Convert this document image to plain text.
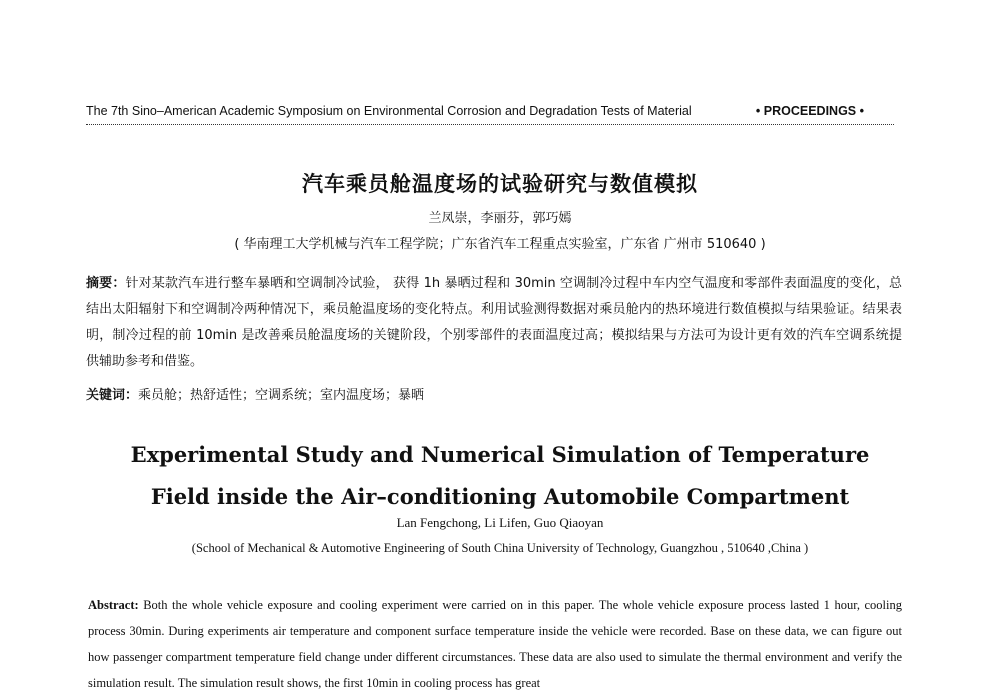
The 7th Sino–American Academic Symposium on Environmental Corrosion and Degradation Tests of Material	• PROCEEDINGS •
汽车乘员舱温度场的试验研究与数值模拟
兰凤崇，李丽芬，郭巧嫣
( 华南理工大学机械与汽车工程学院；广东省汽车工程重点实验室，广东省 广州市 510640 )
摘要：针对某款汽车进行整车暴晒和空调制冷试验， 获得 1h 暴晒过程和 30min 空调制冷过程中车内空气温度和零部件表面温度的变化，总结出太阳辐射下和空调制冷两种情况下，乘员舱温度场的变化特点。利用试验测得数据对乘员舱内的热环境进行数值模拟与结果验证。结果表明，制冷过程的前 10min 是改善乘员舱温度场的关键阶段，个别零部件的表面温度过高；模拟结果与方法可为设计更有效的汽车空调系统提供辅助参考和借鉴。
关键词：乘员舱；热舒适性；空调系统；室内温度场；暴晒
Experimental Study and Numerical Simulation of Temperature
Field inside the Air–conditioning Automobile Compartment
Lan Fengchong, Li Lifen, Guo Qiaoyan
(School of Mechanical & Automotive Engineering of South China University of Technology, Guangzhou , 510640 ,China )
Abstract: Both the whole vehicle exposure and cooling experiment were carried on in this paper. The whole vehicle exposure process lasted 1 hour, cooling process 30min. During experiments air temperature and component surface temperature inside the vehicle were recorded. Base on these data, we can figure out how passenger compartment temperature field change under different circumstances. These data are also used to simulate the thermal environment and verify the simulation result. The simulation result shows, the first 10min in cooling process has great
